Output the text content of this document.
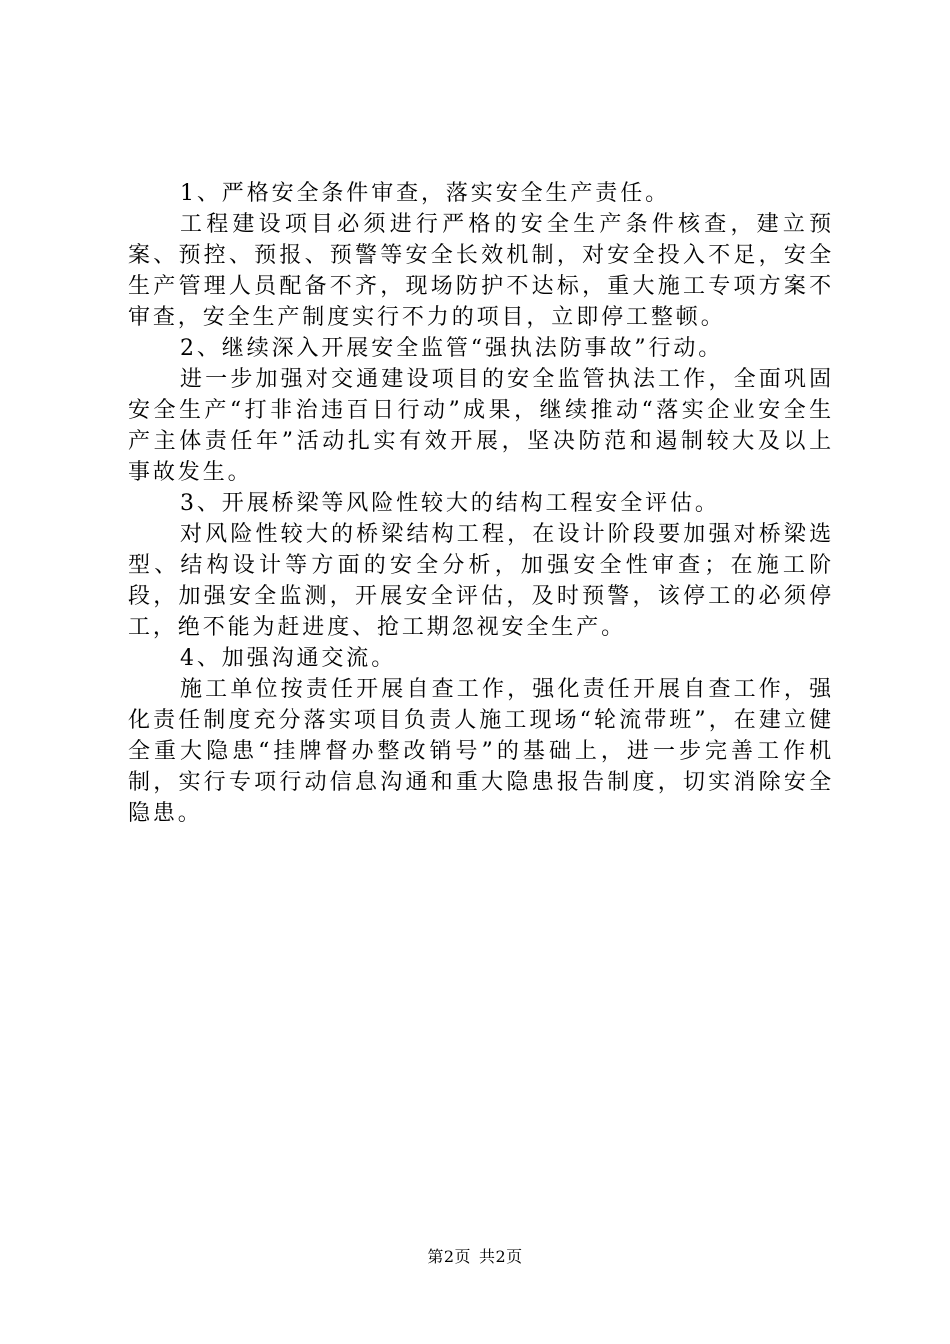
1、严格安全条件审查，落实安全生产责任。

工程建设项目必须进行严格的安全生产条件核查，建立预案、预控、预报、预警等安全长效机制，对安全投入不足，安全生产管理人员配备不齐，现场防护不达标，重大施工专项方案不审查，安全生产制度实行不力的项目，立即停工整顿。

2、继续深入开展安全监管“强执法防事故”行动。

进一步加强对交通建设项目的安全监管执法工作，全面巩固安全生产“打非治违百日行动”成果，继续推动“落实企业安全生产主体责任年”活动扎实有效开展，坚决防范和遏制较大及以上事故发生。

3、开展桥梁等风险性较大的结构工程安全评估。

对风险性较大的桥梁结构工程，在设计阶段要加强对桥梁选型、结构设计等方面的安全分析，加强安全性审查；在施工阶段，加强安全监测，开展安全评估，及时预警，该停工的必须停工，绝不能为赶进度、抢工期忽视安全生产。

4、加强沟通交流。

施工单位按责任开展自查工作，强化责任开展自查工作，强化责任制度充分落实项目负责人施工现场“轮流带班”，在建立健全重大隐患“挂牌督办整改销号”的基础上，进一步完善工作机制，实行专项行动信息沟通和重大隐患报告制度，切实消除安全隐患。

第2页 共2页
